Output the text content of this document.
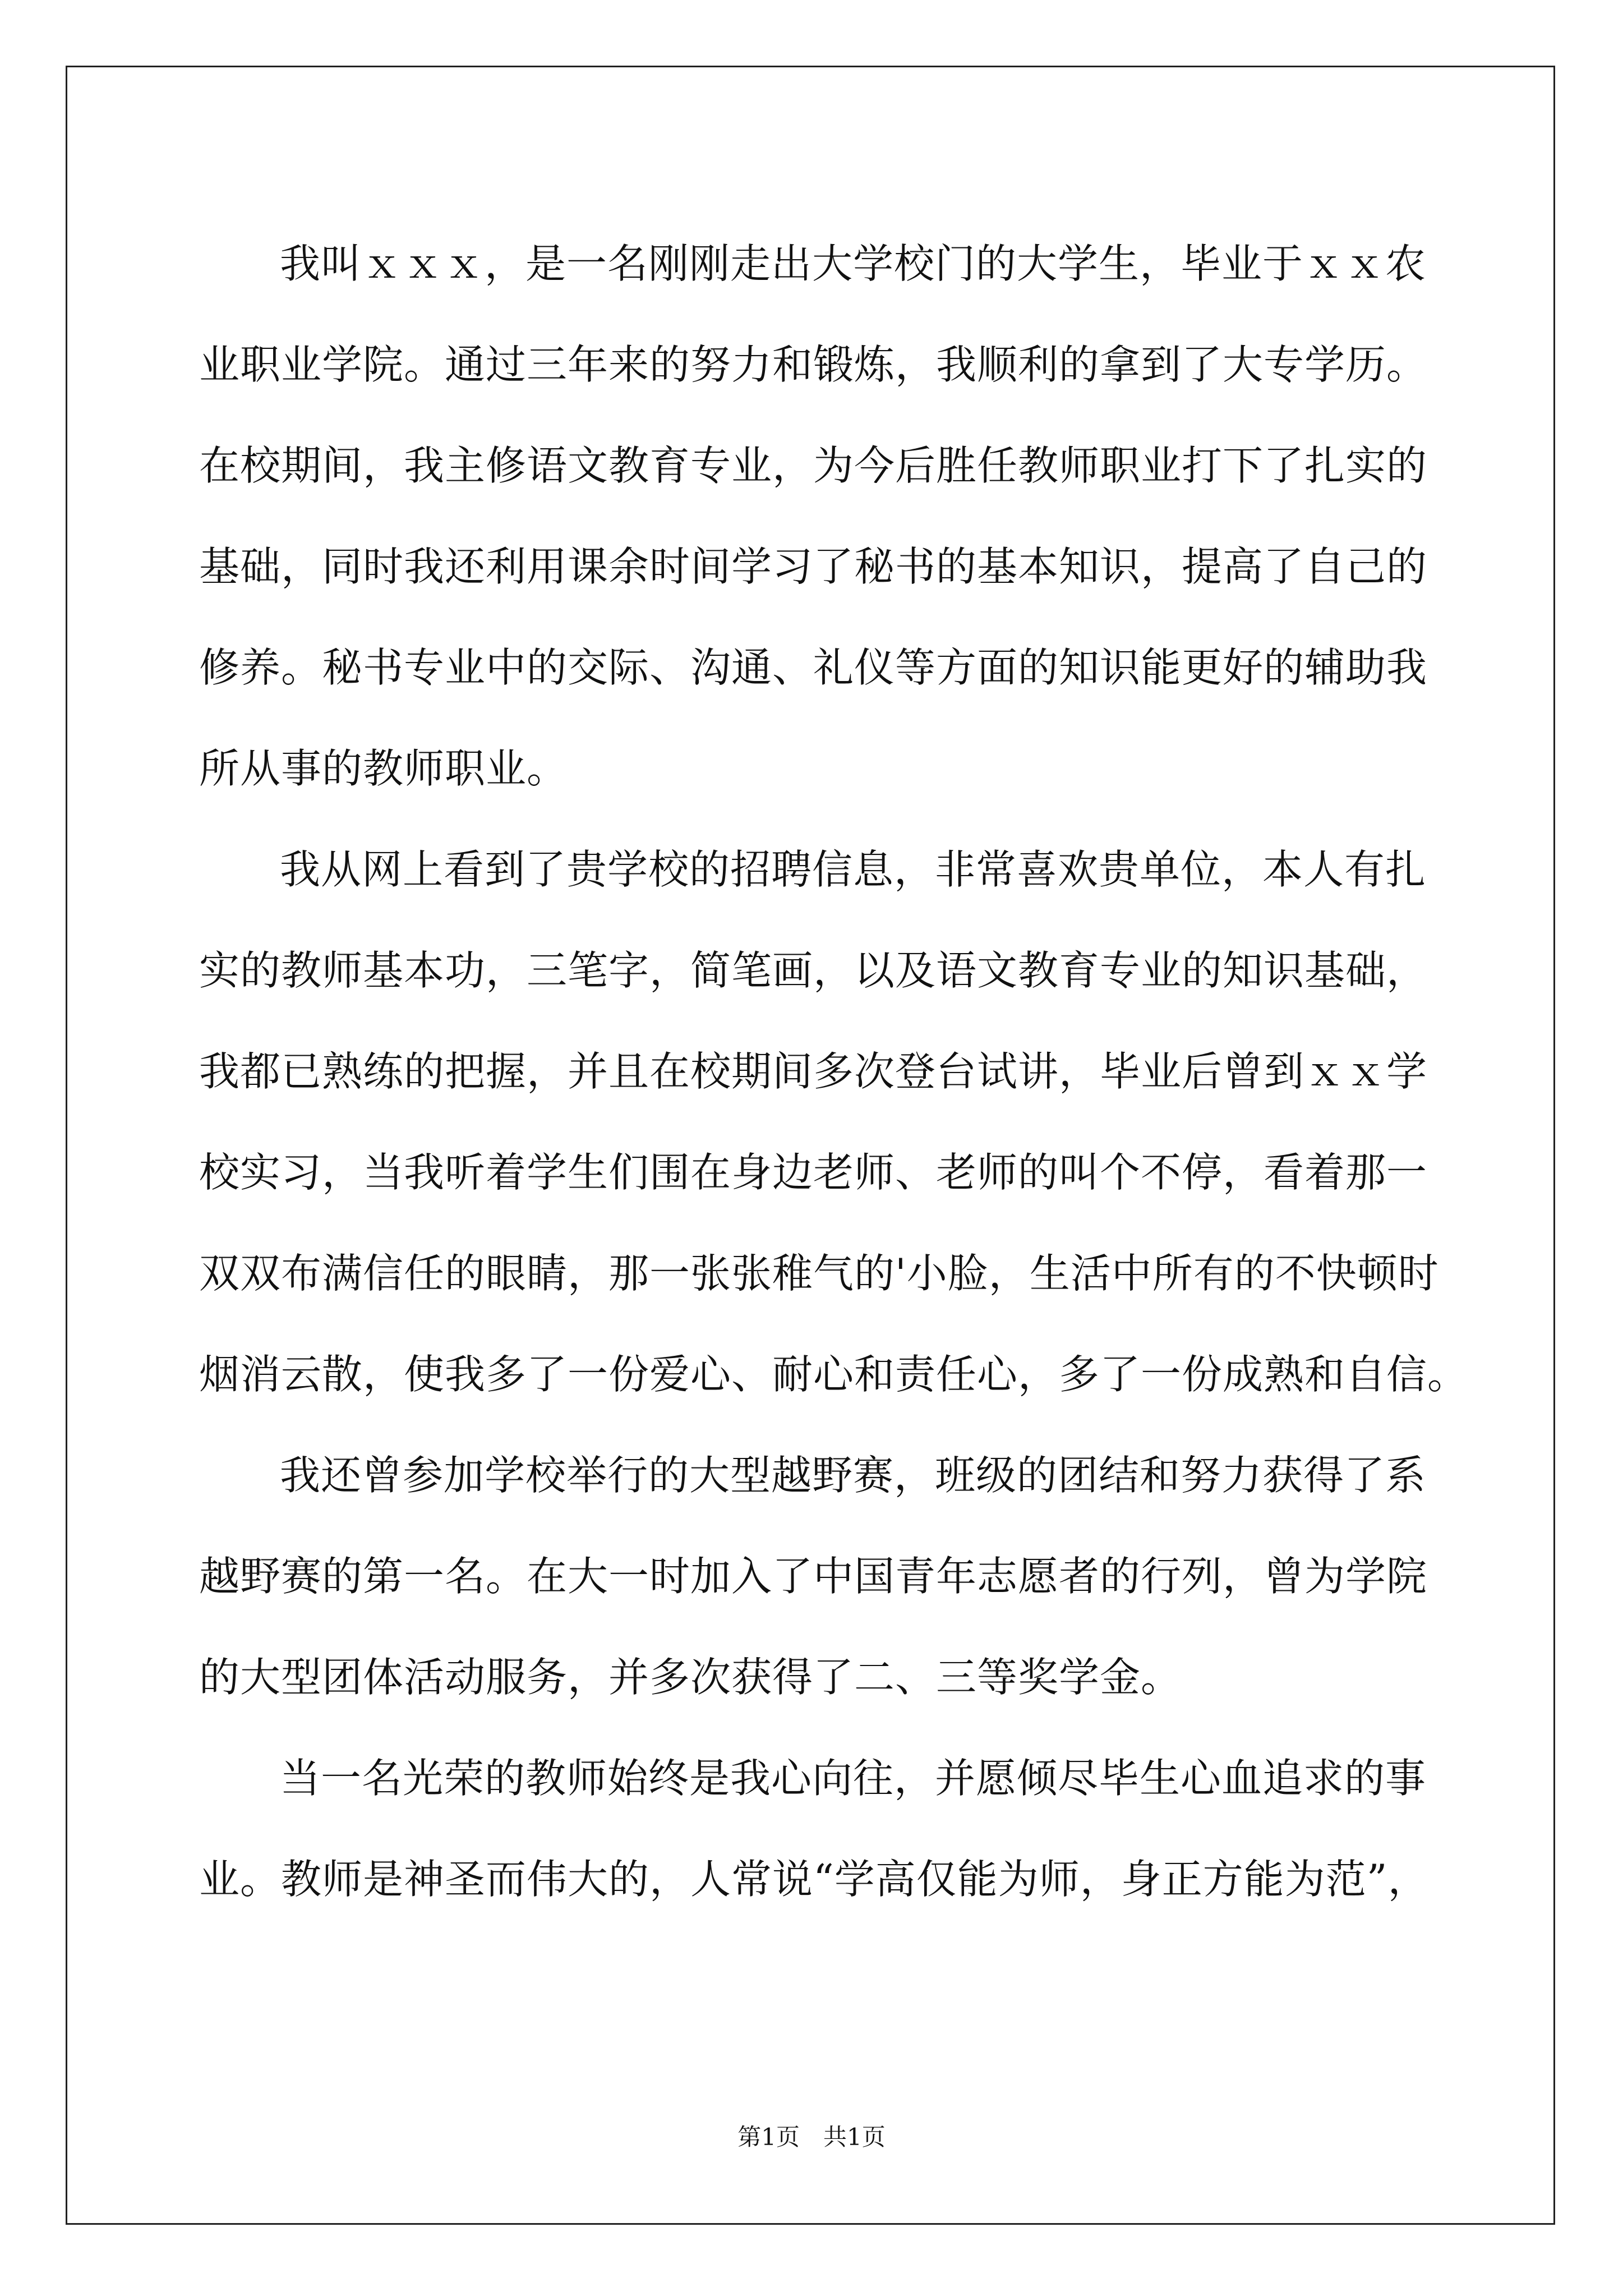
我叫ｘｘｘ，是一名刚刚走出大学校门的大学生，毕业于ｘｘ农
业职业学院。通过三年来的努力和锻炼，我顺利的拿到了大专学历。
在校期间，我主修语文教育专业，为今后胜任教师职业打下了扎实的
基础，同时我还利用课余时间学习了秘书的基本知识，提高了自己的
修养。秘书专业中的交际、沟通、礼仪等方面的知识能更好的辅助我
所从事的教师职业。
我从网上看到了贵学校的招聘信息，非常喜欢贵单位，本人有扎
实的教师基本功，三笔字，简笔画，以及语文教育专业的知识基础，
我都已熟练的把握，并且在校期间多次登台试讲，毕业后曾到ｘｘ学
校实习，当我听着学生们围在身边老师、老师的叫个不停，看着那一
双双布满信任的眼睛，那一张张稚气的'小脸，生活中所有的不快顿时
烟消云散，使我多了一份爱心、耐心和责任心，多了一份成熟和自信。
我还曾参加学校举行的大型越野赛，班级的团结和努力获得了系
越野赛的第一名。在大一时加入了中国青年志愿者的行列，曾为学院
的大型团体活动服务，并多次获得了二、三等奖学金。
当一名光荣的教师始终是我心向往，并愿倾尽毕生心血追求的事
业。教师是神圣而伟大的，人常说“学高仅能为师，身正方能为范”，
第1页　共1页
